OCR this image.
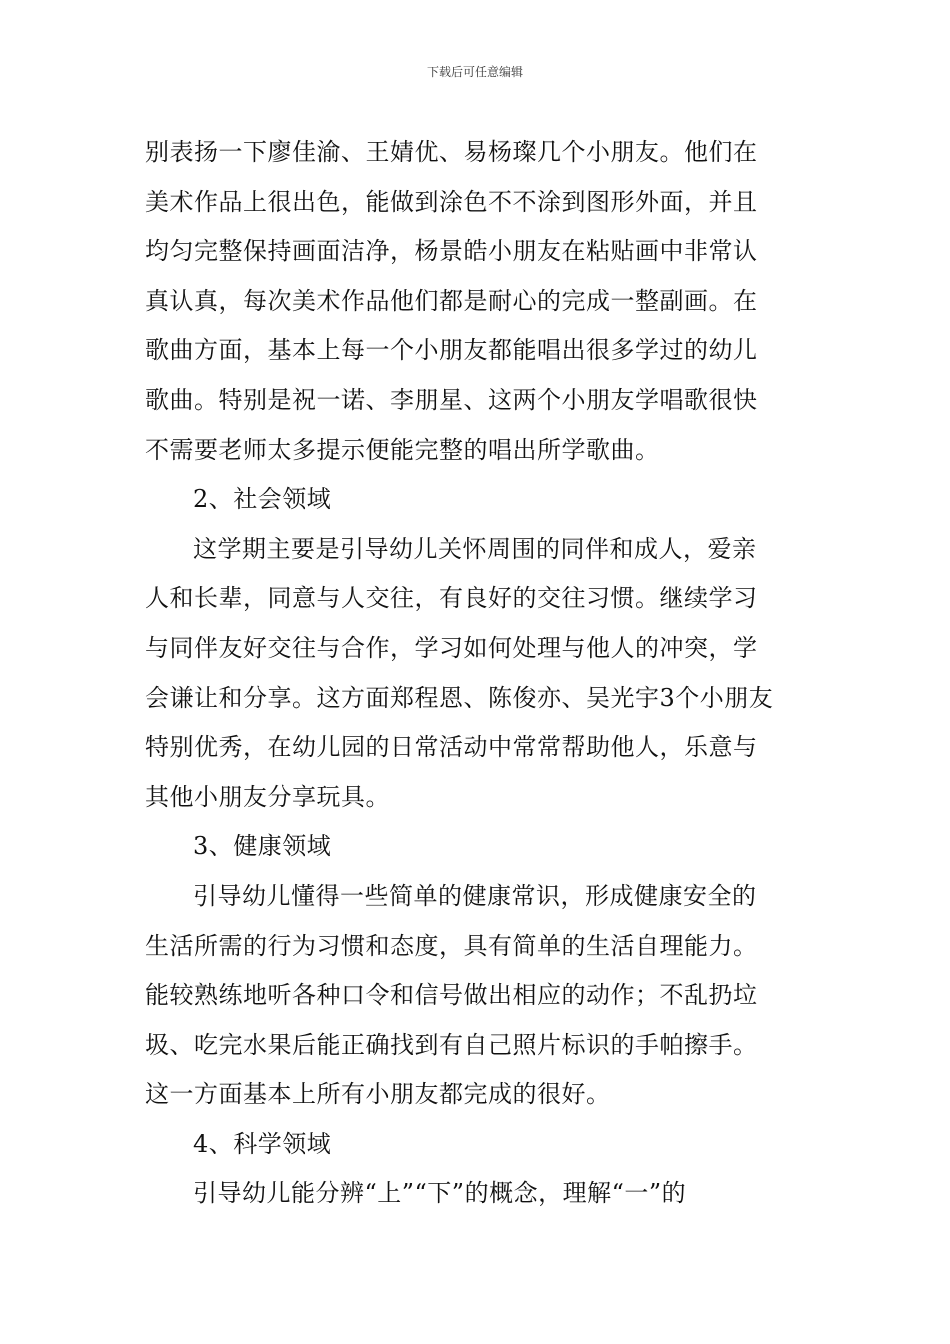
下载后可任意编辑
别表扬一下廖佳渝、王婧优、易杨璨几个小朋友。他们在
美术作品上很出色，能做到涂色不不涂到图形外面，并且
均匀完整保持画面洁净，杨景皓小朋友在粘贴画中非常认
真认真，每次美术作品他们都是耐心的完成一整副画。在
歌曲方面，基本上每一个小朋友都能唱出很多学过的幼儿
歌曲。特别是祝一诺、李朋星、这两个小朋友学唱歌很快
不需要老师太多提示便能完整的唱出所学歌曲。
2、社会领域
这学期主要是引导幼儿关怀周围的同伴和成人，爱亲
人和长辈，同意与人交往，有良好的交往习惯。继续学习
与同伴友好交往与合作，学习如何处理与他人的冲突，学
会谦让和分享。这方面郑程恩、陈俊亦、吴光宇3个小朋友
特别优秀，在幼儿园的日常活动中常常帮助他人，乐意与
其他小朋友分享玩具。
3、健康领域
引导幼儿懂得一些简单的健康常识，形成健康安全的
生活所需的行为习惯和态度，具有简单的生活自理能力。
能较熟练地听各种口令和信号做出相应的动作；不乱扔垃
圾、吃完水果后能正确找到有自己照片标识的手帕擦手。
这一方面基本上所有小朋友都完成的很好。
4、科学领域
引导幼儿能分辨“上”“下”的概念，理解“一”的
